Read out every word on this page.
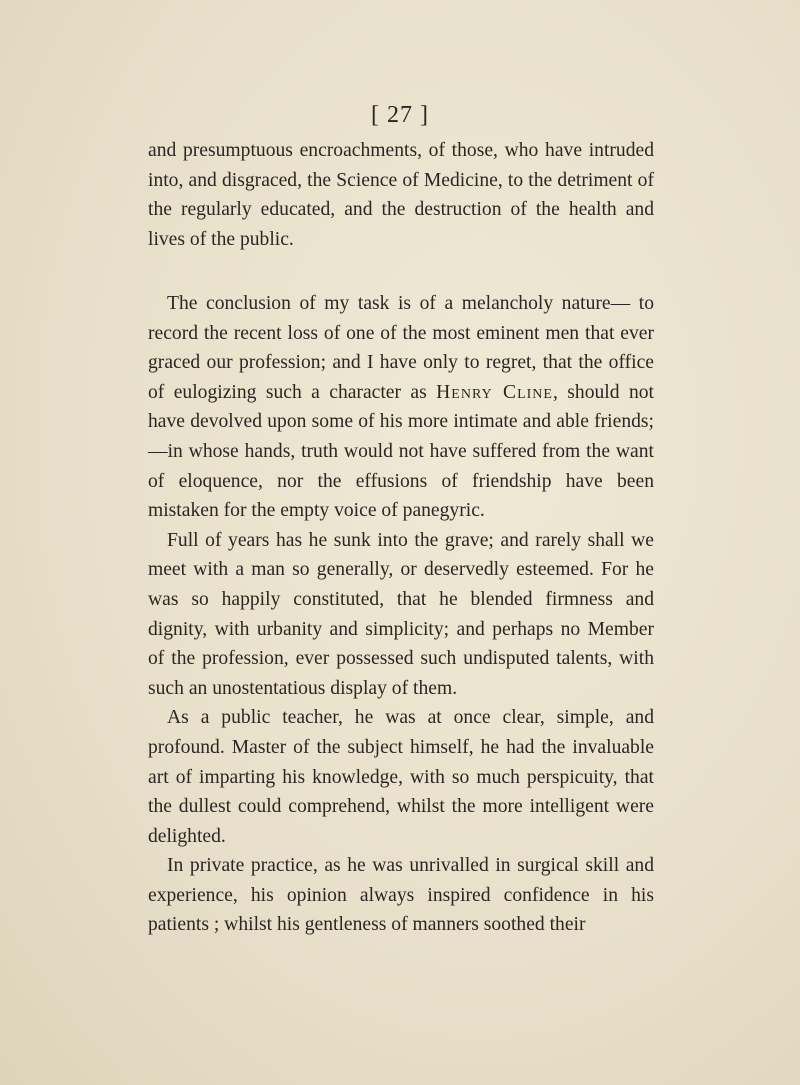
[ 27 ]

and presumptuous encroachments, of those, who have intruded into, and disgraced, the Science of Medicine, to the detriment of the regularly educated, and the destruction of the health and lives of the public.

The conclusion of my task is of a melancholy nature— to record the recent loss of one of the most eminent men that ever graced our profession; and I have only to regret, that the office of eulogizing such a character as Henry Cline, should not have devolved upon some of his more intimate and able friends;—in whose hands, truth would not have suffered from the want of eloquence, nor the effusions of friendship have been mistaken for the empty voice of panegyric.

Full of years has he sunk into the grave; and rarely shall we meet with a man so generally, or deservedly esteemed. For he was so happily constituted, that he blended firmness and dignity, with urbanity and simplicity; and perhaps no Member of the profession, ever possessed such undisputed talents, with such an unostentatious display of them.

As a public teacher, he was at once clear, simple, and profound. Master of the subject himself, he had the invaluable art of imparting his knowledge, with so much perspicuity, that the dullest could comprehend, whilst the more intelligent were delighted.

In private practice, as he was unrivalled in surgical skill and experience, his opinion always inspired confidence in his patients ; whilst his gentleness of manners soothed their
